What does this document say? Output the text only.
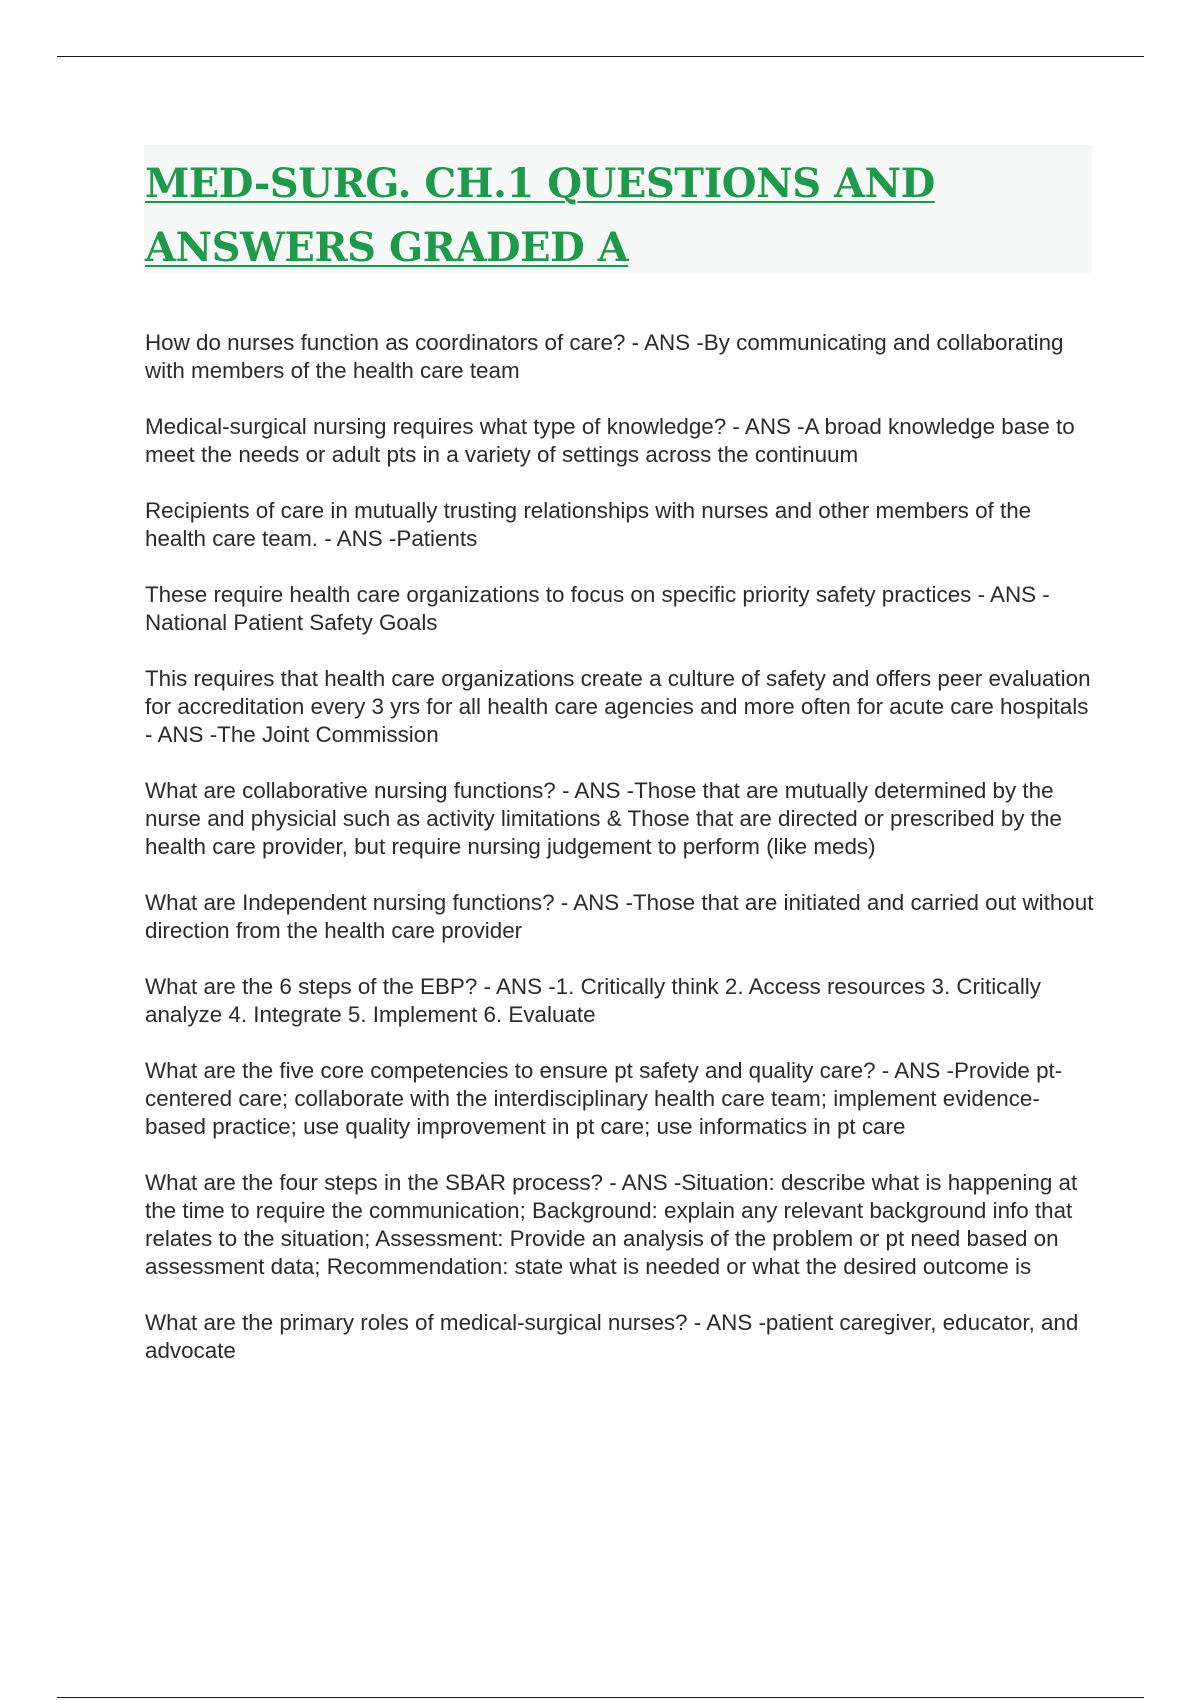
MED-SURG. CH.1 QUESTIONS AND ANSWERS GRADED A

How do nurses function as coordinators of care? - ANS -By communicating and collaborating with members of the health care team

Medical-surgical nursing requires what type of knowledge? - ANS -A broad knowledge base to meet the needs or adult pts in a variety of settings across the continuum

Recipients of care in mutually trusting relationships with nurses and other members of the health care team. - ANS -Patients

These require health care organizations to focus on specific priority safety practices - ANS -National Patient Safety Goals

This requires that health care organizations create a culture of safety and offers peer evaluation for accreditation every 3 yrs for all health care agencies and more often for acute care hospitals - ANS -The Joint Commission

What are collaborative nursing functions? - ANS -Those that are mutually determined by the nurse and physicial such as activity limitations & Those that are directed or prescribed by the health care provider, but require nursing judgement to perform (like meds)

What are Independent nursing functions? - ANS -Those that are initiated and carried out without direction from the health care provider

What are the 6 steps of the EBP? - ANS -1. Critically think 2. Access resources 3. Critically analyze 4. Integrate 5. Implement 6. Evaluate

What are the five core competencies to ensure pt safety and quality care? - ANS -Provide pt-centered care; collaborate with the interdisciplinary health care team; implement evidence-based practice; use quality improvement in pt care; use informatics in pt care

What are the four steps in the SBAR process? - ANS -Situation: describe what is happening at the time to require the communication; Background: explain any relevant background info that relates to the situation; Assessment: Provide an analysis of the problem or pt need based on assessment data; Recommendation: state what is needed or what the desired outcome is

What are the primary roles of medical-surgical nurses? - ANS -patient caregiver, educator, and advocate
